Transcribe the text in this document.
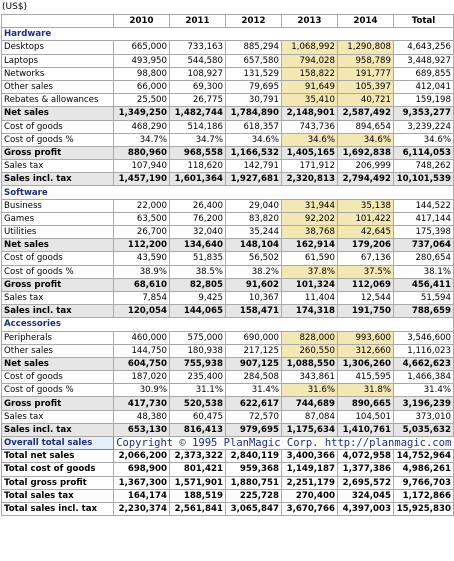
(US$)
	2010	2011	2012	2013	2014	Total
Hardware						
Desktops	665,000	733,163	885,294	1,068,992	1,290,808	4,643,256
Laptops	493,950	544,580	657,580	794,028	958,789	3,448,927
Networks	98,800	108,927	131,529	158,822	191,777	689,855
Other sales	66,000	69,300	79,695	91,649	105,397	412,041
Rebates & allowances	25,500	26,775	30,791	35,410	40,721	159,198
Net sales	1,349,250	1,482,744	1,784,890	2,148,901	2,587,492	9,353,277
Cost of goods	468,290	514,186	618,357	743,736	894,654	3,239,224
Cost of goods %	34.7%	34.7%	34.6%	34.6%	34.6%	34.6%
Gross profit	880,960	968,558	1,166,532	1,405,165	1,692,838	6,114,053
Sales tax	107,940	118,620	142,791	171,912	206,999	748,262
Sales incl. tax	1,457,190	1,601,364	1,927,681	2,320,813	2,794,492	10,101,539
Software						
Business	22,000	26,400	29,040	31,944	35,138	144,522
Games	63,500	76,200	83,820	92,202	101,422	417,144
Utilities	26,700	32,040	35,244	38,768	42,645	175,398
Net sales	112,200	134,640	148,104	162,914	179,206	737,064
Cost of goods	43,590	51,835	56,502	61,590	67,136	280,654
Cost of goods %	38.9%	38.5%	38.2%	37.8%	37.5%	38.1%
Gross profit	68,610	82,805	91,602	101,324	112,069	456,411
Sales tax	7,854	9,425	10,367	11,404	12,544	51,594
Sales incl. tax	120,054	144,065	158,471	174,318	191,750	788,659
Accessories						
Peripherals	460,000	575,000	690,000	828,000	993,600	3,546,600
Other sales	144,750	180,938	217,125	260,550	312,660	1,116,023
Net sales	604,750	755,938	907,125	1,088,550	1,306,260	4,662,623
Cost of goods	187,020	235,400	284,508	343,861	415,595	1,466,384
Cost of goods %	30.9%	31.1%	31.4%	31.6%	31.8%	31.4%
Gross profit	417,730	520,538	622,617	744,689	890,665	3,196,239
Sales tax	48,380	60,475	72,570	87,084	104,501	373,010
Sales incl. tax	653,130	816,413	979,695	1,175,634	1,410,761	5,035,632
Overall total sales	Copyright © 1995 PlanMagic Corp. http://planmagic.com					
Total net sales	2,066,200	2,373,322	2,840,119	3,400,366	4,072,958	14,752,964
Total cost of goods	698,900	801,421	959,368	1,149,187	1,377,386	4,986,261
Total gross profit	1,367,300	1,571,901	1,880,751	2,251,179	2,695,572	9,766,703
Total sales tax	164,174	188,519	225,728	270,400	324,045	1,172,866
Total sales incl. tax	2,230,374	2,561,841	3,065,847	3,670,766	4,397,003	15,925,830
